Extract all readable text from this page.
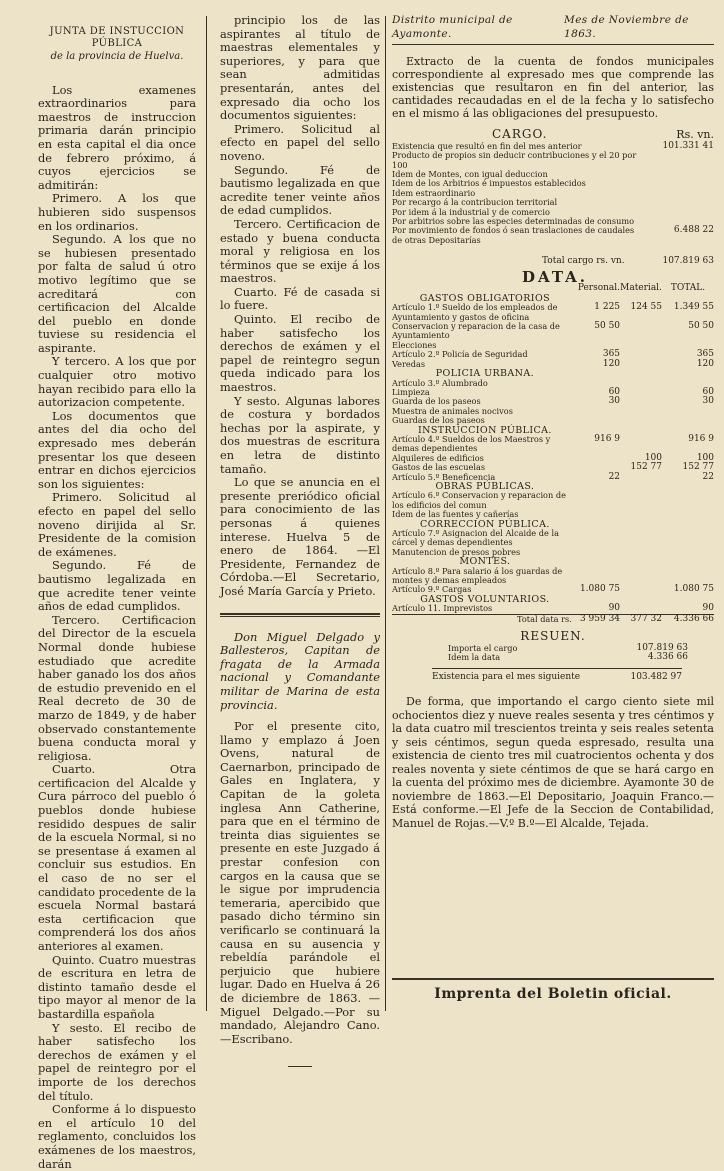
JUNTA DE INSTUCCION PÚBLICA
de la provincia de Huelva.

Los examenes extraordinarios para maestros de instruccion primaria darán principio en esta capital el dia once de febrero próximo, á cuyos ejercicios se admitirán:

Primero. A los que hubieren sido suspensos en los ordinarios.

Segundo. A los que no se hubiesen presentado por falta de salud ú otro motivo legítimo que se acreditará con certificacion del Alcalde del pueblo en donde tuviese su residencia el aspirante.

Y tercero. A los que por cualquier otro motivo hayan recibido para ello la autorizacion competente.

Los documentos que antes del dia ocho del expresado mes deberán presentar los que deseen entrar en dichos ejercicios son los siguientes:

Primero. Solicitud al efecto en papel del sello noveno dirijida al Sr. Presidente de la comision de exámenes.

Segundo. Fé de bautismo legalizada en que acredite tener veinte años de edad cumplidos.

Tercero. Certificacion del Director de la escuela Normal donde hubiese estudiado que acredite haber ganado los dos años de estudio prevenido en el Real decreto de 30 de marzo de 1849, y de haber observado constantemente buena conducta moral y religiosa.

Cuarto. Otra certificacion del Alcalde y Cura párroco del pueblo ó pueblos donde hubiese residido despues de salir de la escuela Normal, si no se presentase á examen al concluir sus estudios. En el caso de no ser el candidato procedente de la escuela Normal bastará esta certificacion que comprenderá los dos años anteriores al examen.

Quinto. Cuatro muestras de escritura en letra de distinto tamaño desde el tipo mayor al menor de la bastardilla española

Y sesto. El recibo de haber satisfecho los derechos de exámen y el papel de reintegro por el importe de los derechos del título.

Conforme á lo dispuesto en el artículo 10 del reglamento, concluidos los exámenes de los maestros, darán

principio los de las aspirantes al título de maestras elementales y superiores, y para que sean admitidas presentarán, antes del expresado dia ocho los documentos siguientes:

Primero. Solicitud al efecto en papel del sello noveno.

Segundo. Fé de bautismo legalizada en que acredite tener veinte años de edad cumplidos.

Tercero. Certificacion de estado y buena conducta moral y religiosa en los términos que se exije á los maestros.

Cuarto. Fé de casada si lo fuere.

Quinto. El recibo de haber satisfecho los derechos de exámen y el papel de reintegro segun queda indicado para los maestros.

Y sesto. Algunas labores de costura y bordados hechas por la aspirate, y dos muestras de escritura en letra de distinto tamaño.

Lo que se anuncia en el presente preriódico oficial para conocimiento de las personas á quienes interese. Huelva 5 de enero de 1864. —El Presidente, Fernandez de Córdoba.—El Secretario, José María García y Prieto.

Don Miguel Delgado y Ballesteros, Capitan de fragata de la Armada nacional y Comandante militar de Marina de esta provincia.

Por el presente cito, llamo y emplazo á Joen Ovens, natural de Caernarbon, principado de Gales en Inglatera, y Capitan de la goleta inglesa Ann Catherine, para que en el término de treinta dias siguientes se presente en este Juzgado á prestar confesion con cargos en la causa que se le sigue por imprudencia temeraria, apercibido que pasado dicho término sin verificarlo se continuará la causa en su ausencia y rebeldía parándole el perjuicio que hubiere lugar. Dado en Huelva á 26 de diciembre de 1863. —Miguel Delgado.—Por su mandado, Alejandro Cano.—Escribano.

Distrito municipal de Ayamonte.
Mes de Noviembre de 1863.

Extracto de la cuenta de fondos municipales correspondiente al expresado mes que comprende las existencias que resultaron en fin del anterior, las cantidades recaudadas en el de la fecha y lo satisfecho en el mismo á las obligaciones del presupuesto.

CARGO.	Rs. vn.
Existencia que resultó en fin del mes anterior	101.331 41
Producto de propios sin deducir contribuciones y el 20 por 100	
Idem de Montes, con igual deduccion	
Idem de los Arbitrios é impuestos establecidos	
Idem estraordinario	
Por recargo á la contribucion territorial	
Por idem á la industrial y de comercio	
Por arbitrios sobre las especies determinadas de consumo	
Por movimiento de fondos ó sean traslaciones de caudales de otras Depositarías	6.488 22
Total cargo rs. vn.	107.819 63
DATA.
	Personal.	Material.	TOTAL.
GASTOS OBLIGATORIOS			
Artículo 1.º Sueldo de los empleados de Ayuntamiento y gastos de oficina	1 225	124 55	1.349 55
Conservacion y reparacion de la casa de Ayuntamiento	50 50		50 50
Elecciones			
Artículo 2.º Policía de Seguridad	365		365
Veredas	120		120
POLICIA URBANA.			
Artículo 3.º Alumbrado			
Limpieza	60		60
Guarda de los paseos	30		30
Muestra de animales nocivos			
Guardas de los paseos			
INSTRUCCION PÚBLICA.			
Artículo 4.º Sueldos de los Maestros y demas dependientes	916 9		916 9
Alquileres de edificios		100	100
Gastos de las escuelas		152 77	152 77
Artículo 5.º Beneficencia	22		22
OBRAS PÚBLICAS.			
Artículo 6.º Conservacion y reparacion de los edificios del comun			
Idem de las fuentes y cañerías			
CORRECCION PÚBLICA.			
Artículo 7.º Asignacion del Alcaide de la cárcel y demas dependientes			
Manutencion de presos pobres			
MONTES.			
Artículo 8.º Para salario á los guardas de montes y demas empleados			
Artículo 9.º Cargas	1.080 75		1.080 75
GASTOS VOLUNTARIOS.			
Artículo 11. Imprevistos	90		90
Total data rs.	3 959 34	377 32	4.336 66
RESUEN.
Importa el cargo	107.819 63
Idem la data	4.336 66
Existencia para el mes siguiente	103.482 97

De forma, que importando el cargo ciento siete mil ochocientos diez y nueve reales sesenta y tres céntimos y la data cuatro mil trescientos treinta y seis reales setenta y seis céntimos, segun queda espresado, resulta una existencia de ciento tres mil cuatrocientos ochenta y dos reales noventa y siete céntimos de que se hará cargo en la cuenta del próximo mes de diciembre. Ayamonte 30 de noviembre de 1863.—El Depositario, Joaquin Franco.—Está conforme.—El Jefe de la Seccion de Contabilidad, Manuel de Rojas.—V.º B.º—El Alcalde, Tejada.

Imprenta del Boletin oficial.
